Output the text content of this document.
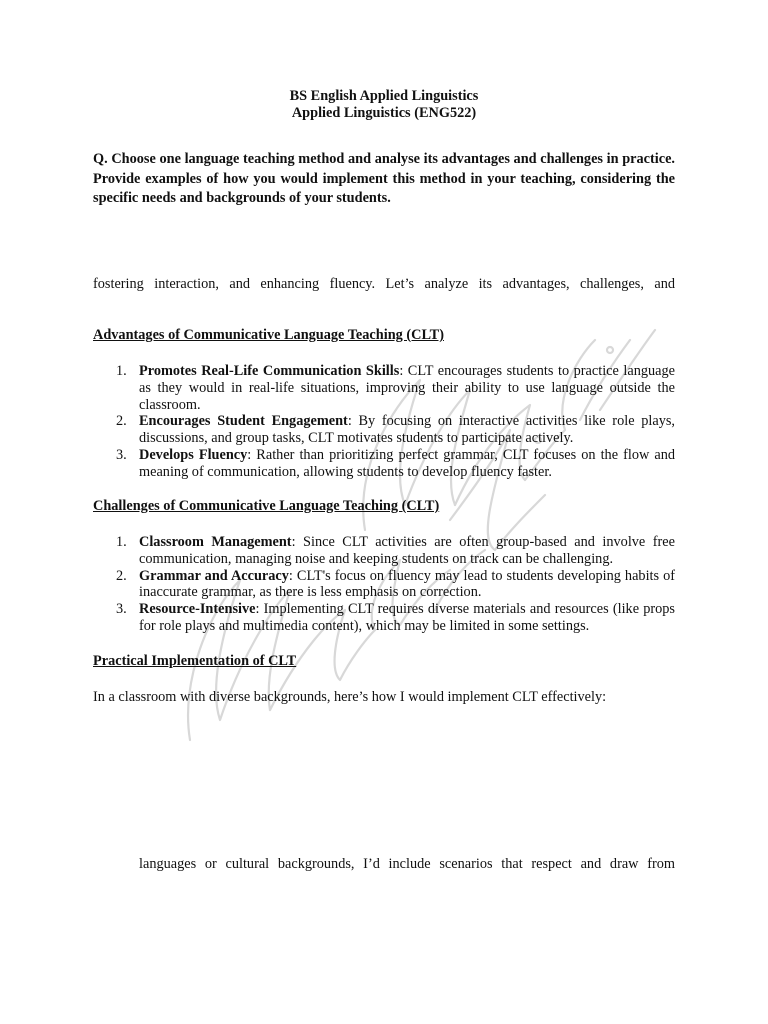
BS English Applied Linguistics
Applied Linguistics (ENG522)
Q. Choose one language teaching method and analyse its advantages and challenges in practice. Provide examples of how you would implement this method in your teaching, considering the specific needs and backgrounds of your students.
fostering interaction, and enhancing fluency. Let’s analyze its advantages, challenges, and
Advantages of Communicative Language Teaching (CLT)
1. Promotes Real-Life Communication Skills: CLT encourages students to practice language as they would in real-life situations, improving their ability to use language outside the classroom.
2. Encourages Student Engagement: By focusing on interactive activities like role plays, discussions, and group tasks, CLT motivates students to participate actively.
3. Develops Fluency: Rather than prioritizing perfect grammar, CLT focuses on the flow and meaning of communication, allowing students to develop fluency faster.
Challenges of Communicative Language Teaching (CLT)
1. Classroom Management: Since CLT activities are often group-based and involve free communication, managing noise and keeping students on track can be challenging.
2. Grammar and Accuracy: CLT's focus on fluency may lead to students developing habits of inaccurate grammar, as there is less emphasis on correction.
3. Resource-Intensive: Implementing CLT requires diverse materials and resources (like props for role plays and multimedia content), which may be limited in some settings.
Practical Implementation of CLT
In a classroom with diverse backgrounds, here’s how I would implement CLT effectively:
languages or cultural backgrounds, I’d include scenarios that respect and draw from
